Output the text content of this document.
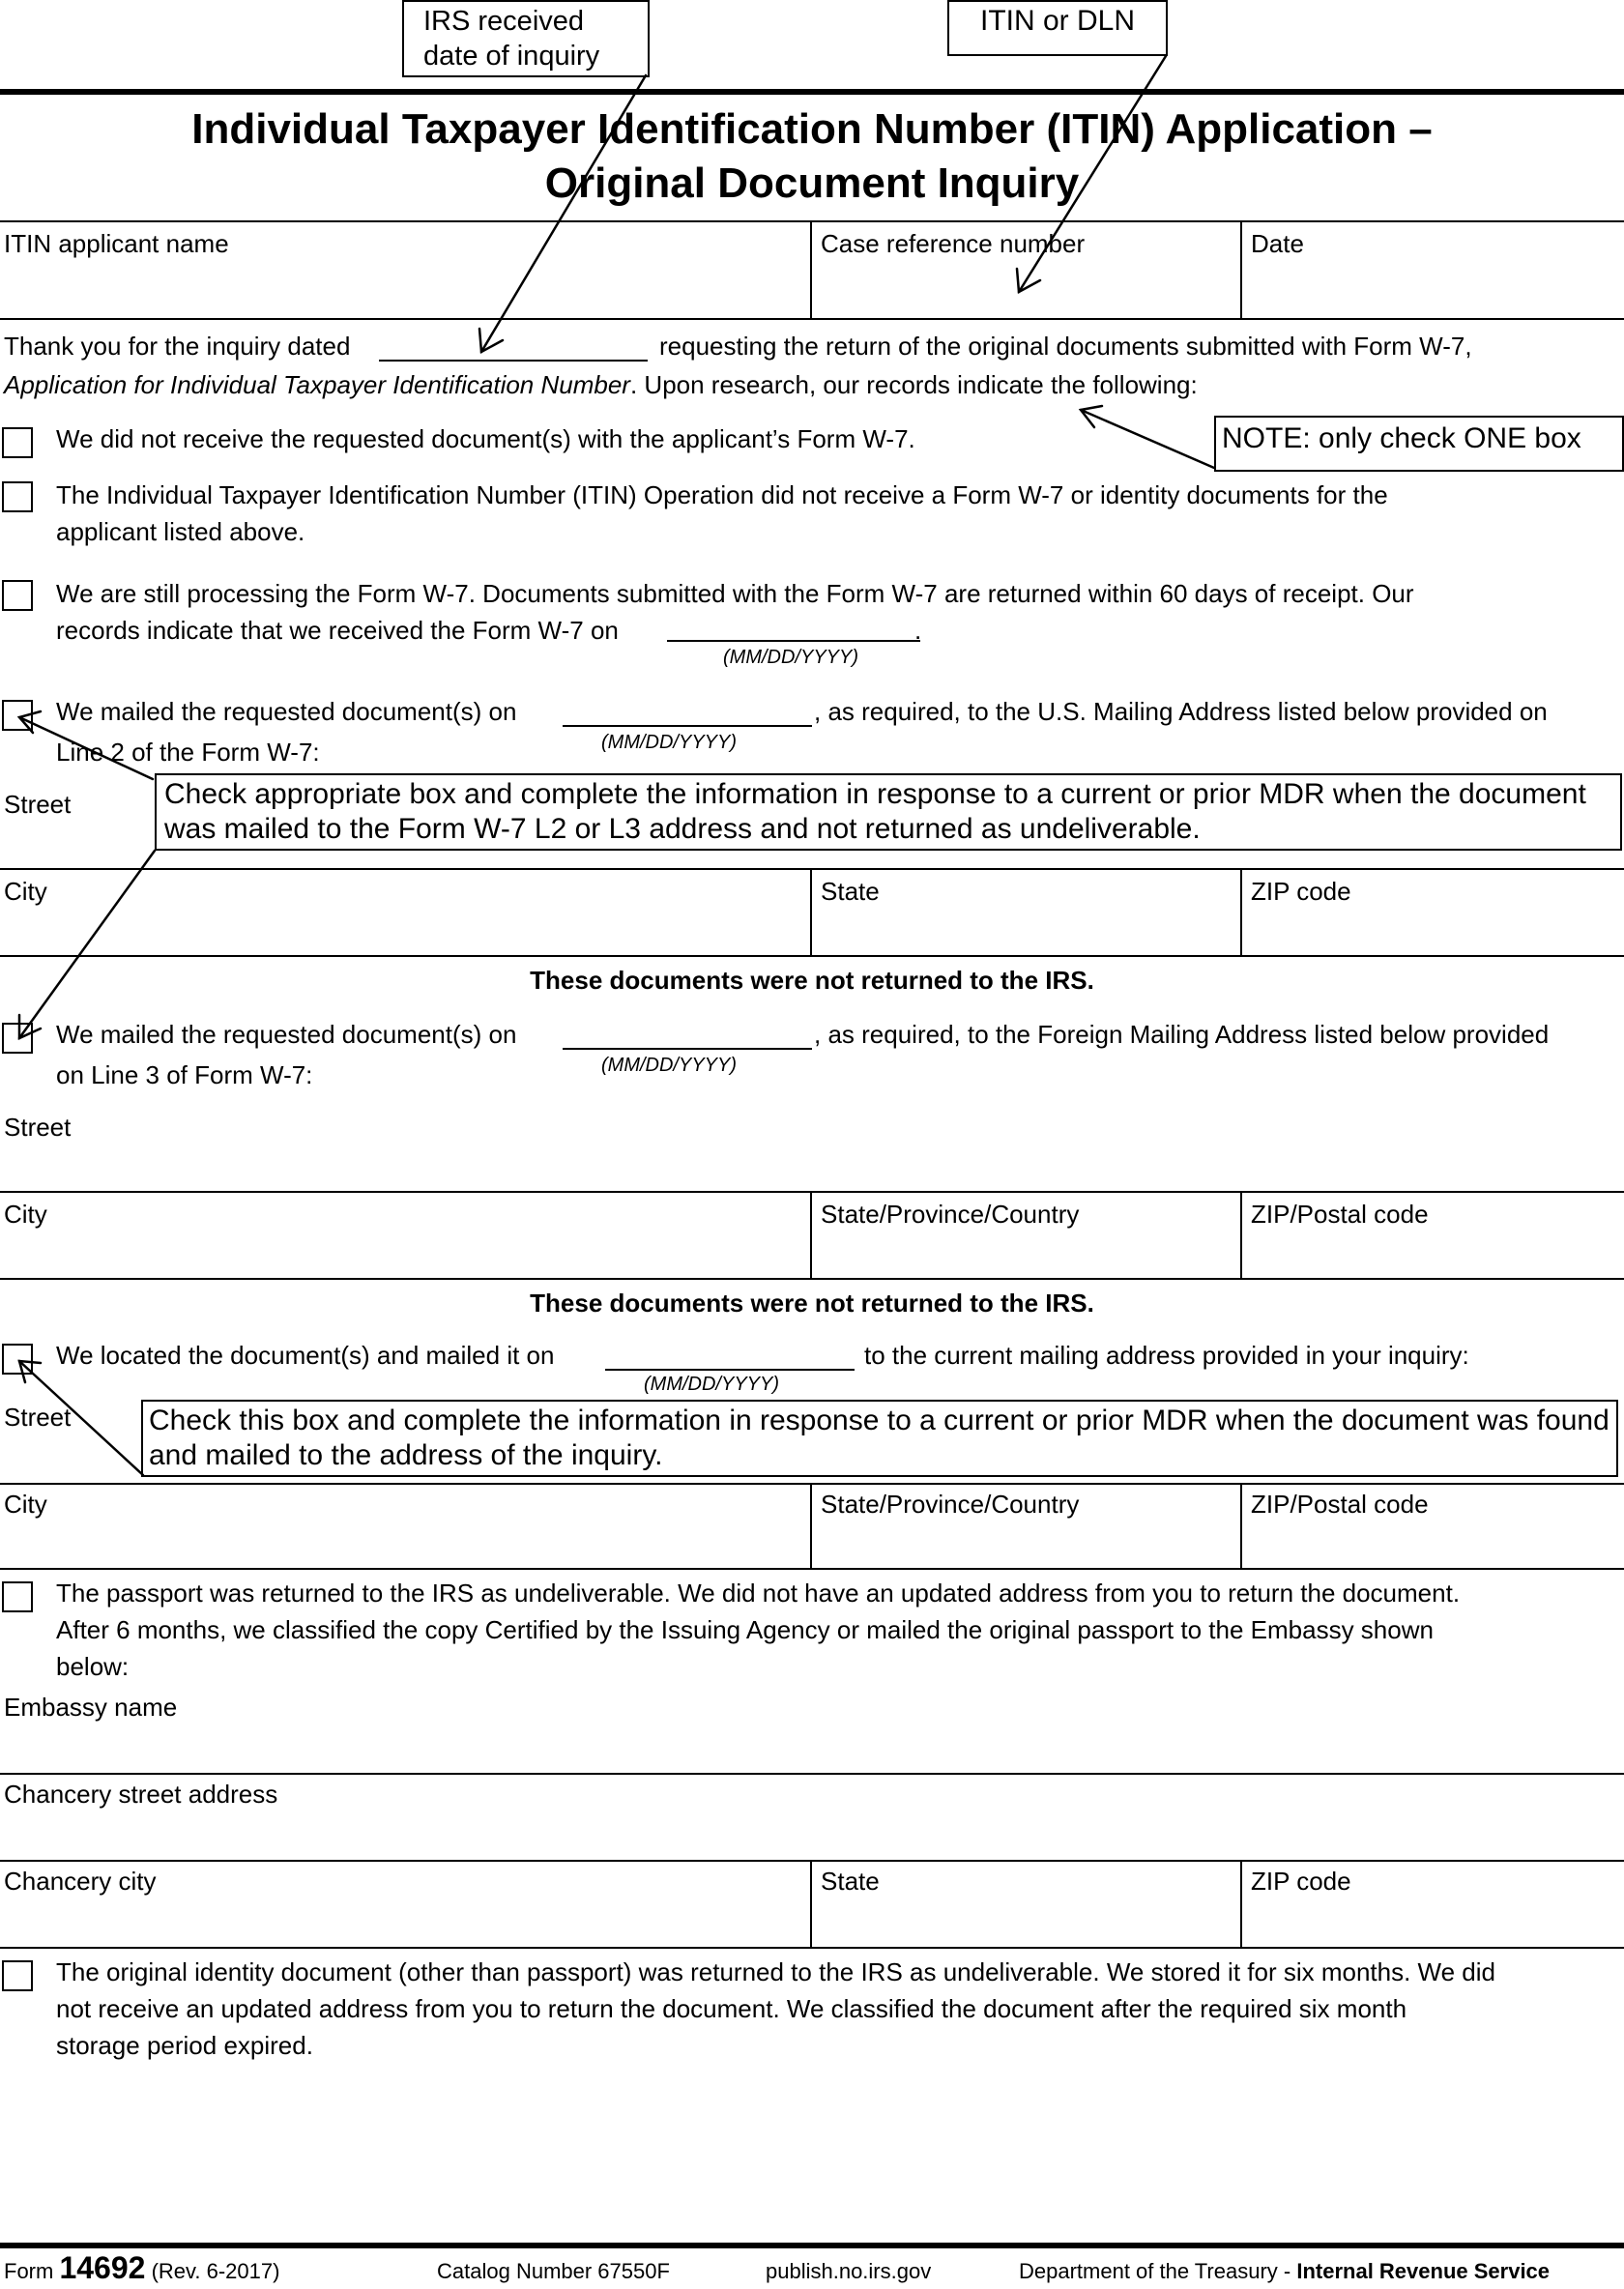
IRS received
date of inquiry
ITIN or DLN
Individual Taxpayer Identification Number (ITIN) Application –
Original Document Inquiry
ITIN applicant name	Case reference number	Date
Thank you for the inquiry dated	requesting the return of the original documents submitted with Form W-7,
Application for Individual Taxpayer Identification Number. Upon research, our records indicate the following:
NOTE: only check ONE box
We did not receive the requested document(s) with the applicant’s Form W-7.
The Individual Taxpayer Identification Number (ITIN) Operation did not receive a Form W-7 or identity documents for the
applicant listed above.
We are still processing the Form W-7. Documents submitted with the Form W-7 are returned within 60 days of receipt. Our
records indicate that we received the Form W-7 on	.
(MM/DD/YYYY)
We mailed the requested document(s) on	, as required, to the U.S. Mailing Address listed below provided on
(MM/DD/YYYY)
Line 2 of the Form W-7:
Street	Check appropriate box and complete the information in response to a current or prior MDR when the document was mailed to the Form W-7 L2 or L3 address and not returned as undeliverable.
City	State	ZIP code
These documents were not returned to the IRS.
We mailed the requested document(s) on	, as required, to the Foreign Mailing Address listed below provided
(MM/DD/YYYY)
on Line 3 of Form W-7:
Street
City	State/Province/Country	ZIP/Postal code
These documents were not returned to the IRS.
We located the document(s) and mailed it on
(MM/DD/YYYY)
to the current mailing address provided in your inquiry:
Street	Check this box and complete the information in response to a current or prior MDR when the document was found and mailed to the address of the inquiry.
City	State/Province/Country	ZIP/Postal code
The passport was returned to the IRS as undeliverable. We did not have an updated address from you to return the document.
After 6 months, we classified the copy Certified by the Issuing Agency or mailed the original passport to the Embassy shown
below:
Embassy name
Chancery street address
Chancery city	State	ZIP code
The original identity document (other than passport) was returned to the IRS as undeliverable. We stored it for six months. We did
not receive an updated address from you to return the document. We classified the document after the required six month
storage period expired.
Form 14692 (Rev. 6-2017)	Catalog Number 67550F	publish.no.irs.gov	Department of the Treasury - Internal Revenue Service
